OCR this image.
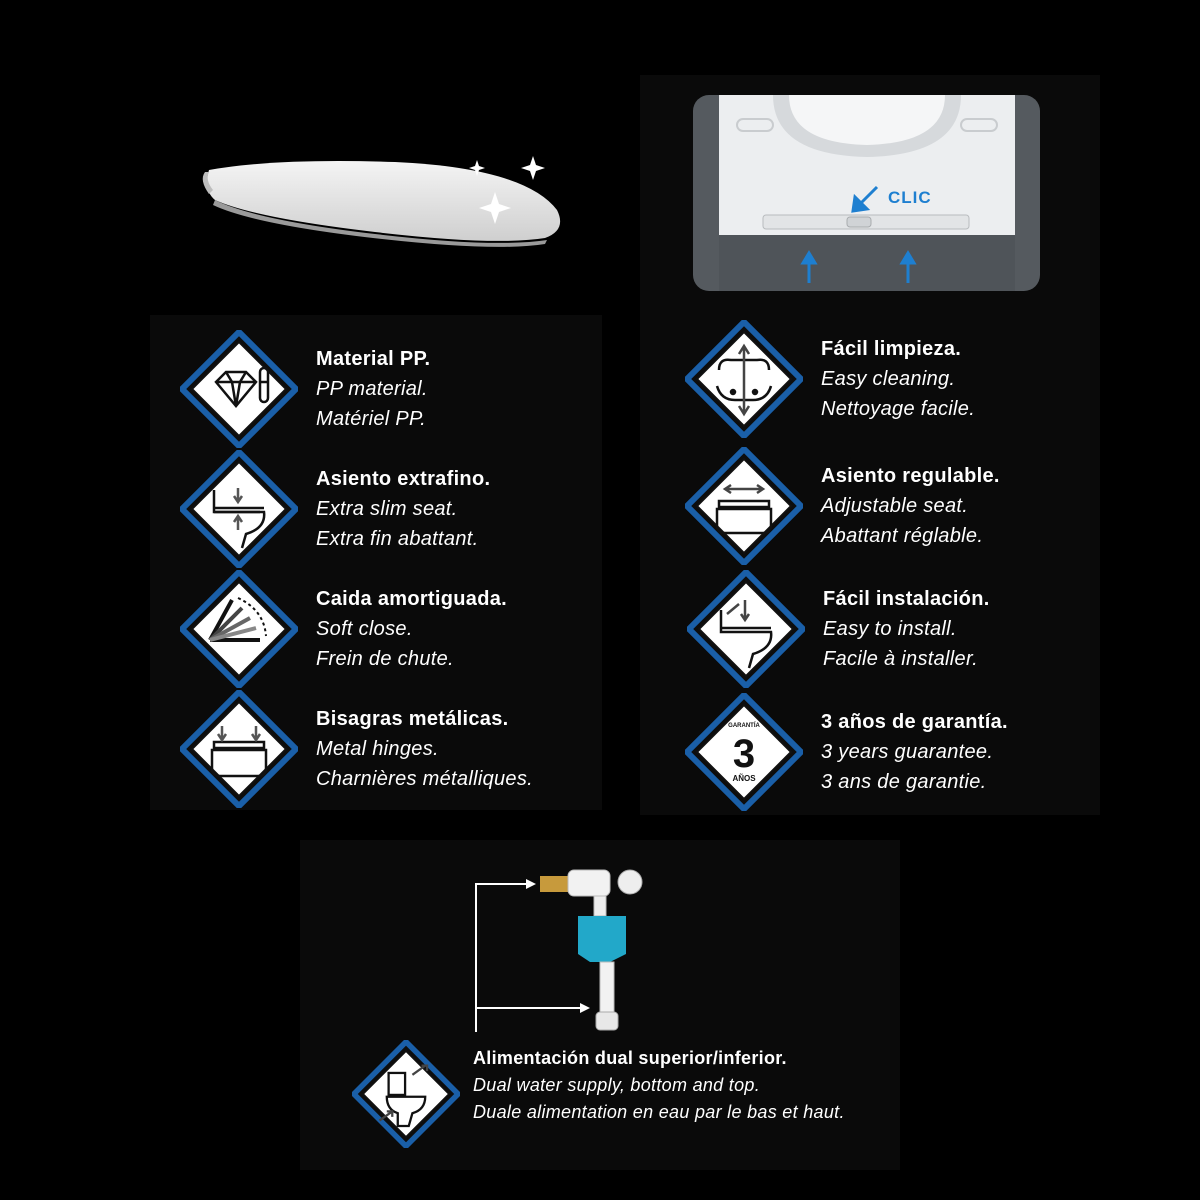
CLIC
Material PP.
PP material.
Matériel PP.
Asiento extrafino.
Extra slim seat.
Extra fin abattant.
Caida amortiguada.
Soft close.
Frein de chute.
Bisagras metálicas.
Metal hinges.
Charnières métalliques.
Fácil limpieza.
Easy cleaning.
Nettoyage facile.
Asiento regulable.
Adjustable seat.
Abattant réglable.
Fácil instalación.
Easy to install.
Facile à installer.
GARANTÍA
3
AÑOS
3 años de garantía.
3 years guarantee.
3 ans de garantie.
Alimentación dual superior/inferior.
Dual water supply, bottom and top.
Duale alimentation en eau par le bas et haut.
